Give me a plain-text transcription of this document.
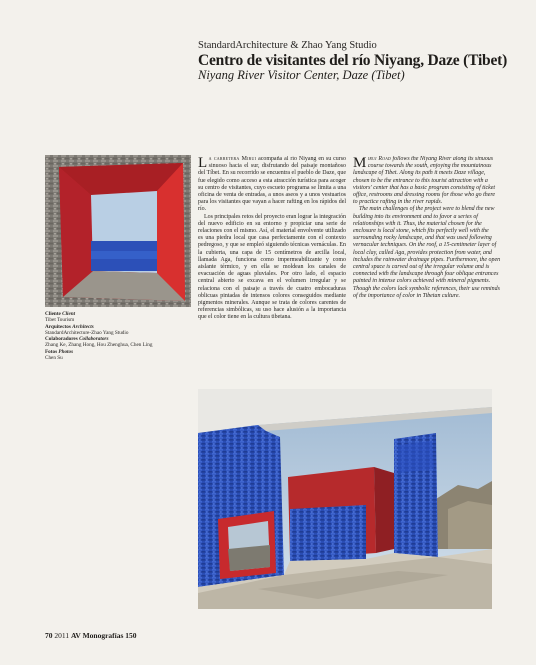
StandardArchitecture & Zhao Yang Studio
Centro de visitantes del río Niyang, Daze (Tibet)
Niyang River Visitor Center, Daze (Tibet)
Cliente Client
Tibet Tourism
Arquitectos Architects
StandardArchitecture-Zhao Yang Studio
Colaboradores Collaborators
Zhang Ke, Zhang Hong, Hou Zhenghua, Chen Ling
Fotos Photos
Chen Su

La carretera Mirui acompaña al río Niyang en su curso sinuoso hacia el sur, disfrutando del paisaje montañoso del Tíbet. En su recorrido se encuentra el pueblo de Daze, que fue elegido como acceso a esta atracción turística para acoger su centro de visitantes, cuyo escueto programa se limita a una oficina de venta de entradas, a unos aseos y a unos vestuarios para los visitantes que vayan a hacer rafting en los rápidos del río.

Los principales retos del proyecto eran lograr la integración del nuevo edificio en su entorno y propiciar una serie de relaciones con el mismo. Así, el material envolvente utilizado es una piedra local que casa perfectamente con el contexto pedregoso, y que se empleó siguiendo técnicas vernáculas. En la cubierta, una capa de 15 centímetros de arcilla local, llamada Aga, funciona como impermeabilizante y como aislante térmico, y en ella se moldean los canales de evacuación de aguas pluviales. Por otro lado, el espacio central abierto se excava en el volumen irregular y se relaciona con el paisaje a través de cuatro embocaduras oblicuas pintadas de intensos colores conseguidos mediante pigmentos minerales. Aunque se trata de colores carentes de referencias simbólicas, su uso hace alusión a la importancia que el color tiene en la cultura tibetana.

Mirui Road follows the Niyang River along its sinuous course towards the south, enjoying the mountainous landscape of Tibet. Along its path it meets Daze village, chosen to be the entrance to this tourist attraction with a visitors' center that has a basic program consisting of ticket office, restrooms and dressing rooms for those who go there to practice rafting in the river rapids.

The main challenges of the project were to blend the new building into its environment and to favor a series of relationships with it. Thus, the material chosen for the enclosure is local stone, which fits perfectly well with the surrounding rocky landscape, and that was used following vernacular techniques. On the roof, a 15-centimeter layer of local clay, called Aga, provides protection from water, and includes the rainwater drainage pipes. Furthermore, the open central space is carved out of the irregular volume and is connected with the landscape through four oblique entrances painted in intense colors achieved with mineral pigments. Though the colors lack symbolic references, their use reminds of the importance of color in Tibetan culture.

70 2011 AV Monografías 150
